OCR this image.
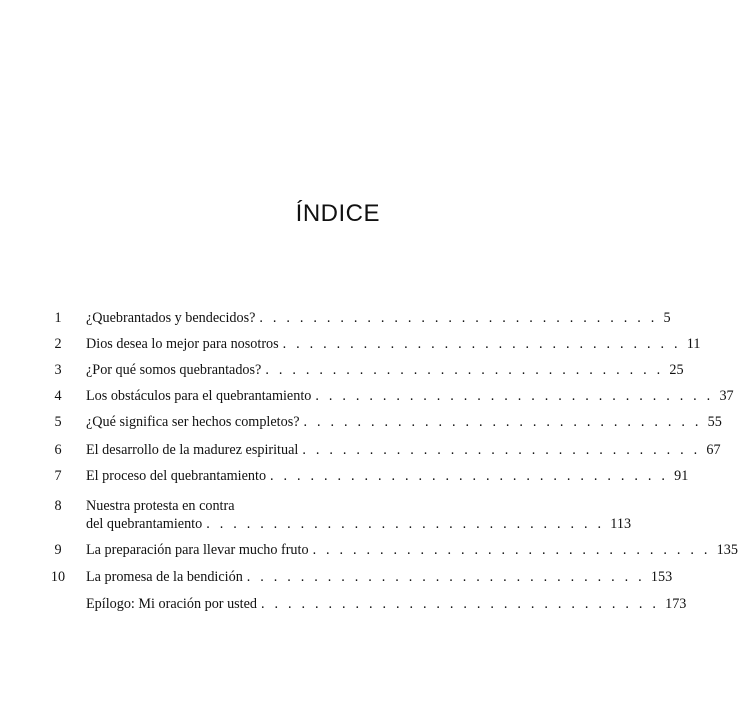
ÍNDICE
1	¿Quebrantados y bendecidos? . . . . . . . . . . . . . . . . . . . . . . . . . . . . . . 5
2	Dios desea lo mejor para nosotros . . . . . . . . . . . . . . . . . . . . . . . . . . . . . . 11
3	¿Por qué somos quebrantados? . . . . . . . . . . . . . . . . . . . . . . . . . . . . . . 25
4	Los obstáculos para el quebrantamiento . . . . . . . . . . . . . . . . . . . . . . . . . . . . . . 37
5	¿Qué significa ser hechos completos? . . . . . . . . . . . . . . . . . . . . . . . . . . . . . . 55
6	El desarrollo de la madurez espiritual . . . . . . . . . . . . . . . . . . . . . . . . . . . . . . 67
7	El proceso del quebrantamiento . . . . . . . . . . . . . . . . . . . . . . . . . . . . . . 91
8	Nuestra protesta en contra
del quebrantamiento . . . . . . . . . . . . . . . . . . . . . . . . . . . . . . 113
9	La preparación para llevar mucho fruto . . . . . . . . . . . . . . . . . . . . . . . . . . . . . . 135
10	La promesa de la bendición . . . . . . . . . . . . . . . . . . . . . . . . . . . . . . 153
Epílogo: Mi oración por usted . . . . . . . . . . . . . . . . . . . . . . . . . . . . . . 173
